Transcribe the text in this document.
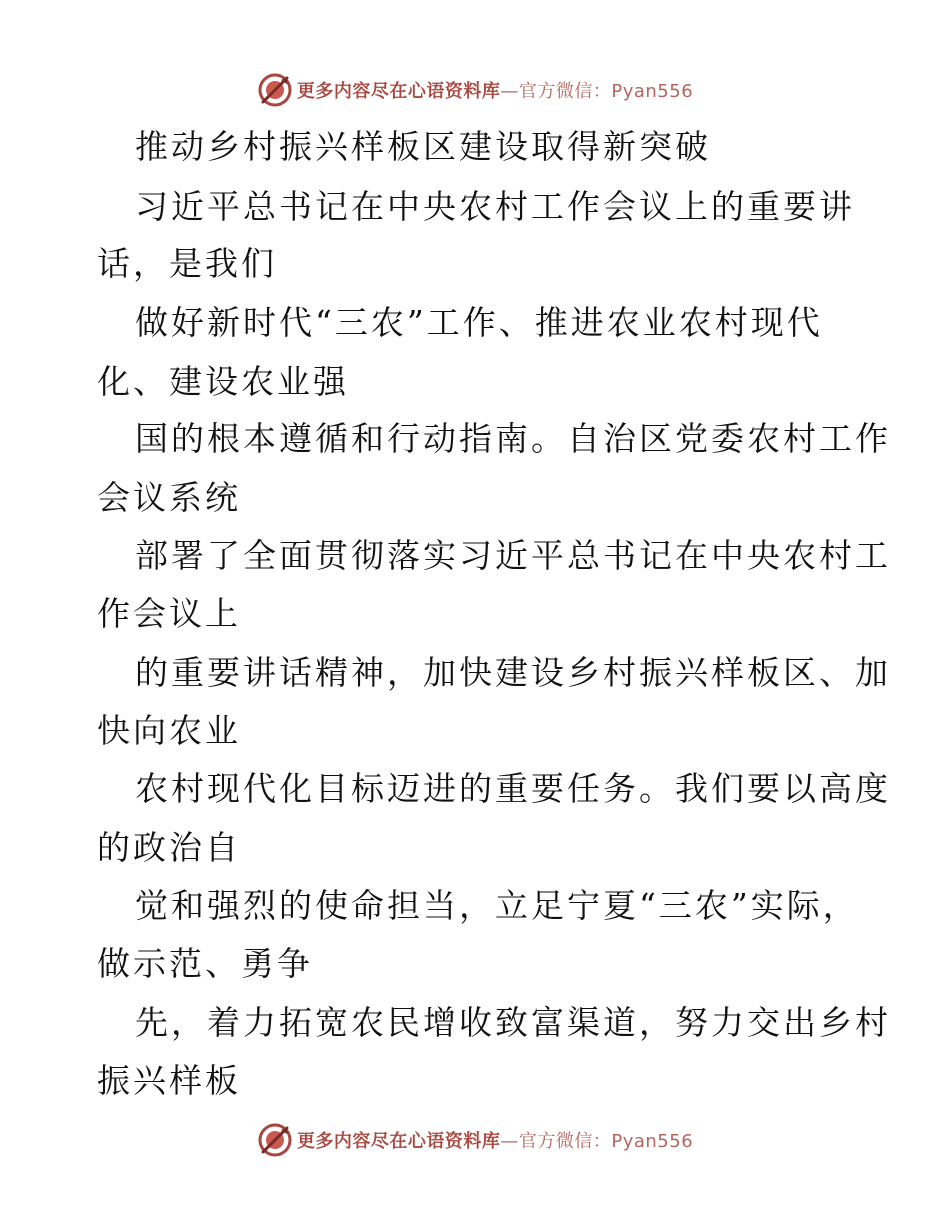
更多内容尽在心语资料库—官方微信：Pyan556
推动乡村振兴样板区建设取得新突破
习近平总书记在中央农村工作会议上的重要讲
话，是我们
做好新时代“三农”工作、推进农业农村现代
化、建设农业强
国的根本遵循和行动指南。自治区党委农村工作
会议系统
部署了全面贯彻落实习近平总书记在中央农村工
作会议上
的重要讲话精神，加快建设乡村振兴样板区、加
快向农业
农村现代化目标迈进的重要任务。我们要以高度
的政治自
觉和强烈的使命担当，立足宁夏“三农”实际，
做示范、勇争
先，着力拓宽农民增收致富渠道，努力交出乡村
振兴样板
更多内容尽在心语资料库—官方微信：Pyan556
